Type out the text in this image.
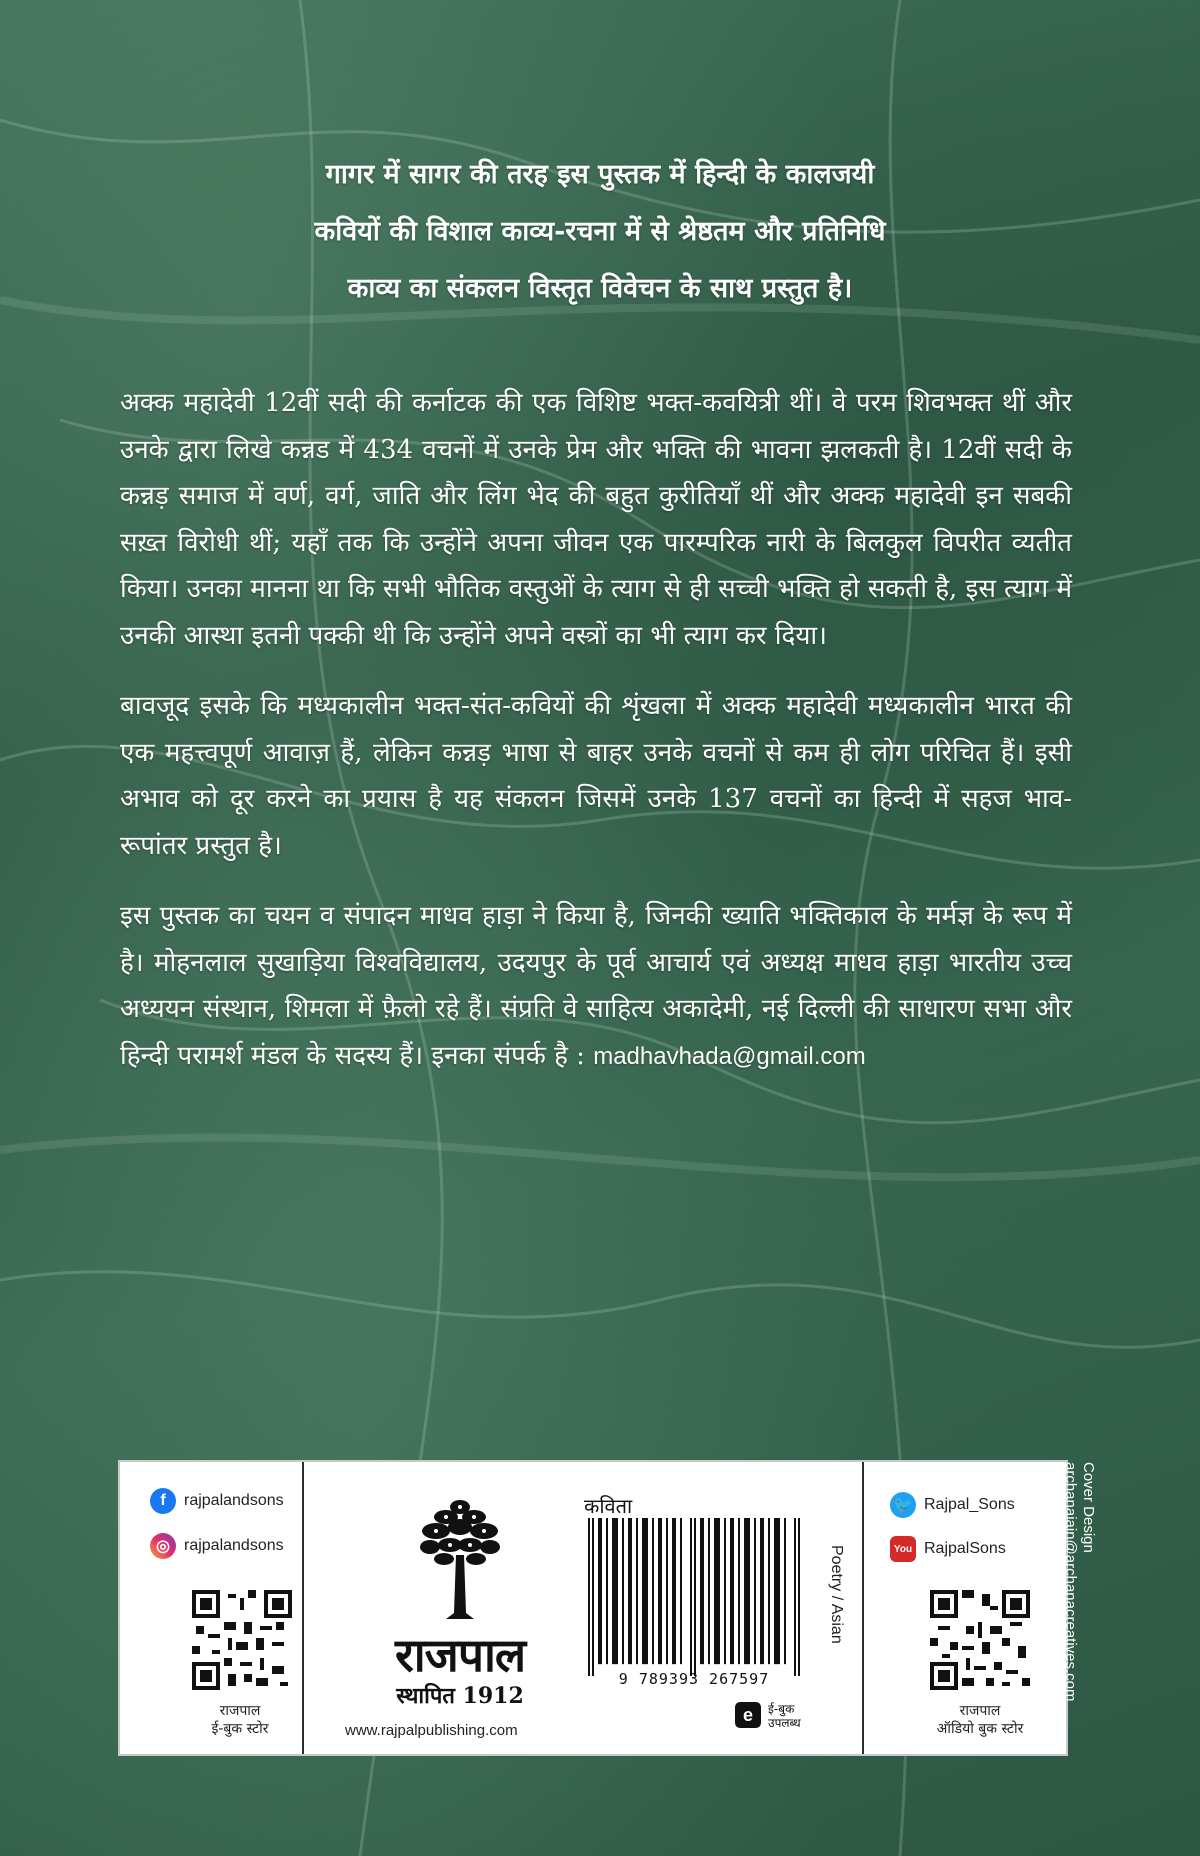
गागर में सागर की तरह इस पुस्तक में हिन्दी के कालजयी
कवियों की विशाल काव्य-रचना में से श्रेष्ठतम और प्रतिनिधि
काव्य का संकलन विस्तृत विवेचन के साथ प्रस्तुत है।

अक्क महादेवी 12वीं सदी की कर्नाटक की एक विशिष्ट भक्त-कवयित्री थीं। वे परम शिवभक्त थीं और उनके द्वारा लिखे कन्नड में 434 वचनों में उनके प्रेम और भक्ति की भावना झलकती है। 12वीं सदी के कन्नड़ समाज में वर्ण, वर्ग, जाति और लिंग भेद की बहुत कुरीतियाँ थीं और अक्क महादेवी इन सबकी सख़्त विरोधी थीं; यहाँ तक कि उन्होंने अपना जीवन एक पारम्परिक नारी के बिलकुल विपरीत व्यतीत किया। उनका मानना था कि सभी भौतिक वस्तुओं के त्याग से ही सच्ची भक्ति हो सकती है, इस त्याग में उनकी आस्था इतनी पक्की थी कि उन्होंने अपने वस्त्रों का भी त्याग कर दिया।

बावजूद इसके कि मध्यकालीन भक्त-संत-कवियों की शृंखला में अक्क महादेवी मध्यकालीन भारत की एक महत्त्वपूर्ण आवाज़ हैं, लेकिन कन्नड़ भाषा से बाहर उनके वचनों से कम ही लोग परिचित हैं। इसी अभाव को दूर करने का प्रयास है यह संकलन जिसमें उनके 137 वचनों का हिन्दी में सहज भाव-रूपांतर प्रस्तुत है।

इस पुस्तक का चयन व संपादन माधव हाड़ा ने किया है, जिनकी ख्याति भक्तिकाल के मर्मज्ञ के रूप में है। मोहनलाल सुखाड़िया विश्वविद्यालय, उदयपुर के पूर्व आचार्य एवं अध्यक्ष माधव हाड़ा भारतीय उच्च अध्ययन संस्थान, शिमला में फ़ैलो रहे हैं। संप्रति वे साहित्य अकादेमी, नई दिल्ली की साधारण सभा और हिन्दी परामर्श मंडल के सदस्य हैं। इनका संपर्क है : madhavhada@gmail.com

f	rajpalandsons
◎ rajpalandsons
राजपाल
ई-बुक स्टोर
राजपाल
स्थापित 1912
www.rajpalpublishing.com
कविता
9 789393 267597
Poetry / Asian
e	ई-बुक
उपलब्ध
🐦 Rajpal_Sons
You RajpalSons
राजपाल
ऑडियो बुक स्टोर
Cover Design
archanajain@archanacreatives.com
